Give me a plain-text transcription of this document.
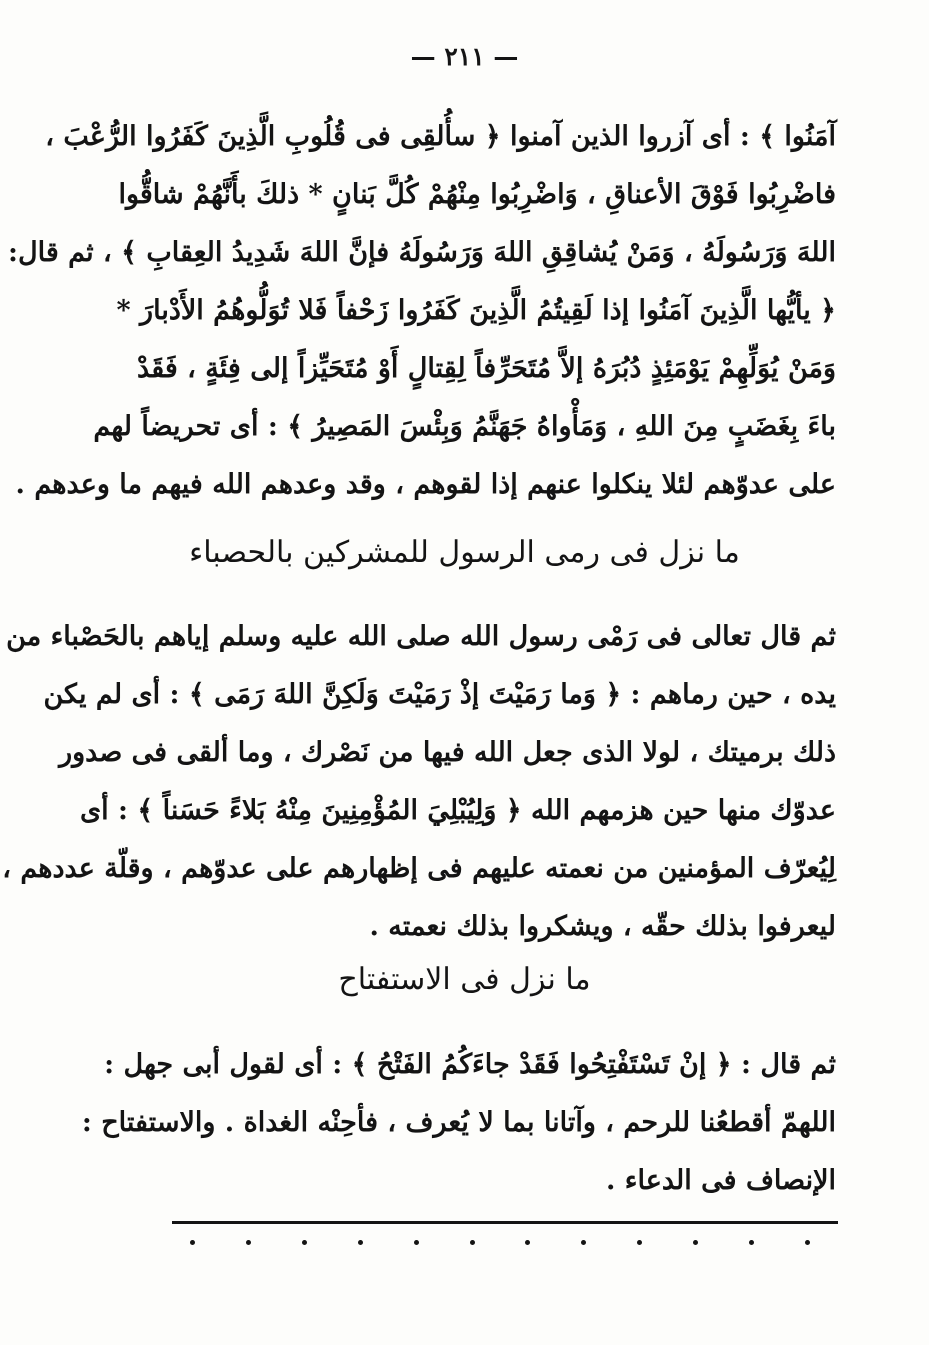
— ٢١١ —
آمَنُوا ﴾ : أى آزروا الذين آمنوا ﴿ سأُلقِى فى قُلُوبِ الَّذِينَ كَفَرُوا الرُّعْبَ ،
فاضْرِبُوا فَوْقَ الأعناقِ ، وَاضْرِبُوا مِنْهُمْ كُلَّ بَنانٍ * ذلكَ بأَنَّهُمْ شاقُّوا
اللهَ وَرَسُولَهُ ، وَمَنْ يُشاقِقِ اللهَ وَرَسُولَهُ فإنَّ اللهَ شَدِيدُ العِقابِ ﴾ ، ثم قال:
﴿ يأيُّها الَّذِينَ آمَنُوا إذا لَقِيتُمُ الَّذِينَ كَفَرُوا زَحْفاً فَلا تُوَلُّوهُمُ الأَدْبارَ *
وَمَنْ يُوَلِّهِمْ يَوْمَئِذٍ دُبُرَهُ إلاَّ مُتَحَرِّفاً لِقِتالٍ أَوْ مُتَحَيِّزاً إلى فِئَةٍ ، فَقَدْ
باءَ بِغَضَبٍ مِنَ اللهِ ، وَمَأْواهُ جَهَنَّمُ وَبِئْسَ المَصِيرُ ﴾ : أى تحريضاً لهم
على عدوّهم لئلا ينكلوا عنهم إذا لقوهم ، وقد وعدهم الله فيهم ما وعدهم .
ما نزل فى رمى الرسول للمشركين بالحصباء
ثم قال تعالى فى رَمْى رسول الله صلى الله عليه وسلم إياهم بالحَصْباء من
يده ، حين رماهم : ﴿ وَما رَمَيْتَ إذْ رَمَيْتَ وَلَكِنَّ اللهَ رَمَى ﴾ : أى لم يكن
ذلك برميتك ، لولا الذى جعل الله فيها من نَصْرك ، وما ألقى فى صدور
عدوّك منها حين هزمهم الله ﴿ وَلِيُبْلِيَ المُؤْمِنِينَ مِنْهُ بَلاءً حَسَناً ﴾ : أى
لِيُعرّف المؤمنين من نعمته عليهم فى إظهارهم على عدوّهم ، وقلّة عددهم ،
ليعرفوا بذلك حقّه ، ويشكروا بذلك نعمته .
ما نزل فى الاستفتاح
ثم قال : ﴿ إنْ تَسْتَفْتِحُوا فَقَدْ جاءَكُمُ الفَتْحُ ﴾ : أى لقول أبى جهل :
اللهمّ أقطعُنا للرحم ، وآتانا بما لا يُعرف ، فأحِنْه الغداة . والاستفتاح :
الإنصاف فى الدعاء .
